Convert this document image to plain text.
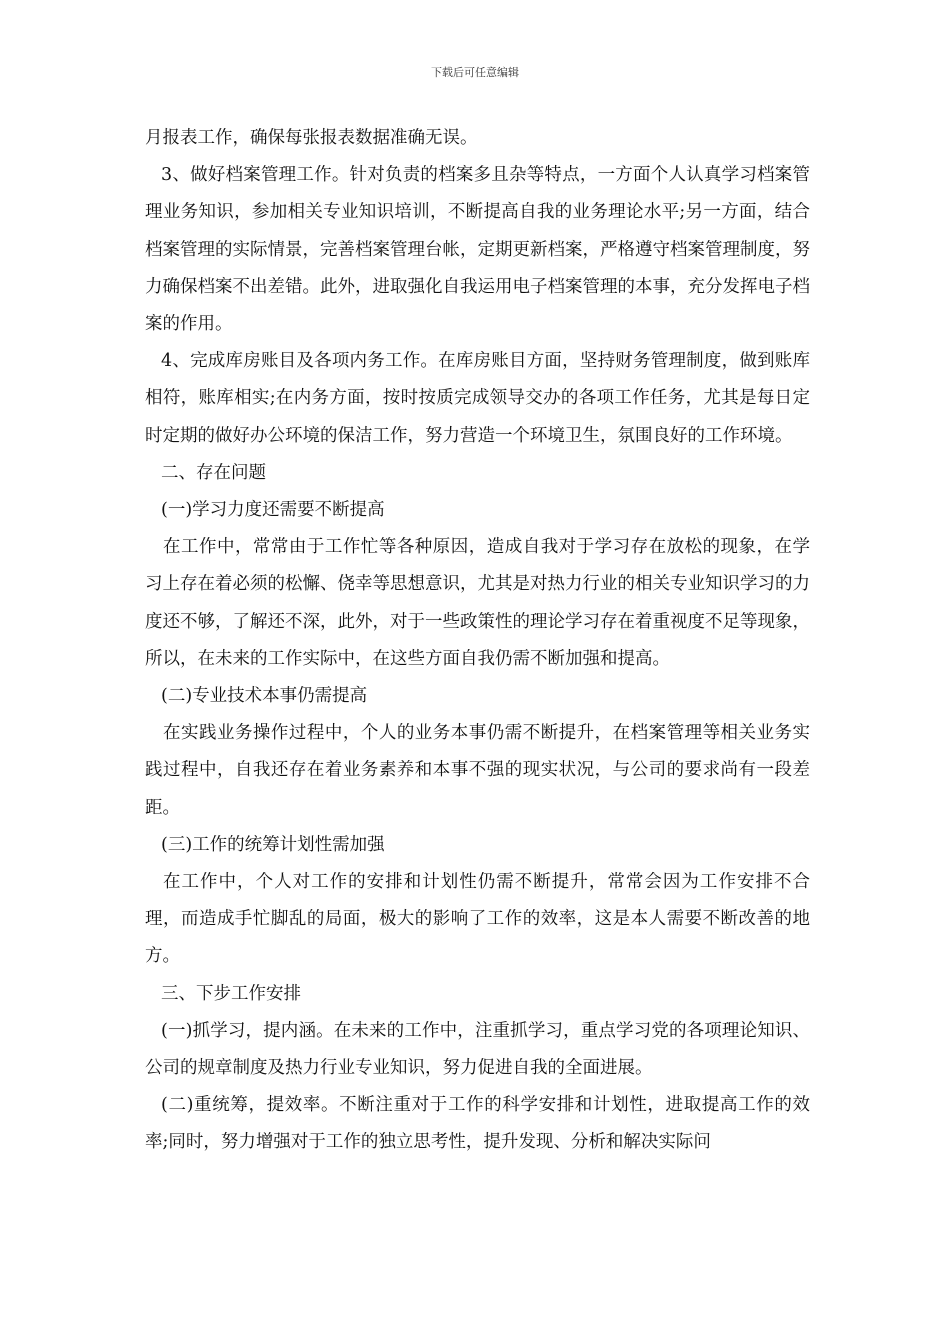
下载后可任意编辑

月报表工作，确保每张报表数据准确无误。

3、做好档案管理工作。针对负责的档案多且杂等特点，一方面个人认真学习档案管理业务知识，参加相关专业知识培训，不断提高自我的业务理论水平;另一方面，结合档案管理的实际情景，完善档案管理台帐，定期更新档案，严格遵守档案管理制度，努力确保档案不出差错。此外，进取强化自我运用电子档案管理的本事，充分发挥电子档案的作用。

4、完成库房账目及各项内务工作。在库房账目方面，坚持财务管理制度，做到账库相符，账库相实;在内务方面，按时按质完成领导交办的各项工作任务，尤其是每日定时定期的做好办公环境的保洁工作，努力营造一个环境卫生，氛围良好的工作环境。

二、存在问题

(一)学习力度还需要不断提高

在工作中，常常由于工作忙等各种原因，造成自我对于学习存在放松的现象，在学习上存在着必须的松懈、侥幸等思想意识，尤其是对热力行业的相关专业知识学习的力度还不够，了解还不深，此外，对于一些政策性的理论学习存在着重视度不足等现象，所以，在未来的工作实际中，在这些方面自我仍需不断加强和提高。

(二)专业技术本事仍需提高

在实践业务操作过程中，个人的业务本事仍需不断提升，在档案管理等相关业务实践过程中，自我还存在着业务素养和本事不强的现实状况，与公司的要求尚有一段差距。

(三)工作的统筹计划性需加强

在工作中，个人对工作的安排和计划性仍需不断提升，常常会因为工作安排不合理，而造成手忙脚乱的局面，极大的影响了工作的效率，这是本人需要不断改善的地方。

三、下步工作安排

(一)抓学习，提内涵。在未来的工作中，注重抓学习，重点学习党的各项理论知识、公司的规章制度及热力行业专业知识，努力促进自我的全面进展。

(二)重统筹，提效率。不断注重对于工作的科学安排和计划性，进取提高工作的效率;同时，努力增强对于工作的独立思考性，提升发现、分析和解决实际问
